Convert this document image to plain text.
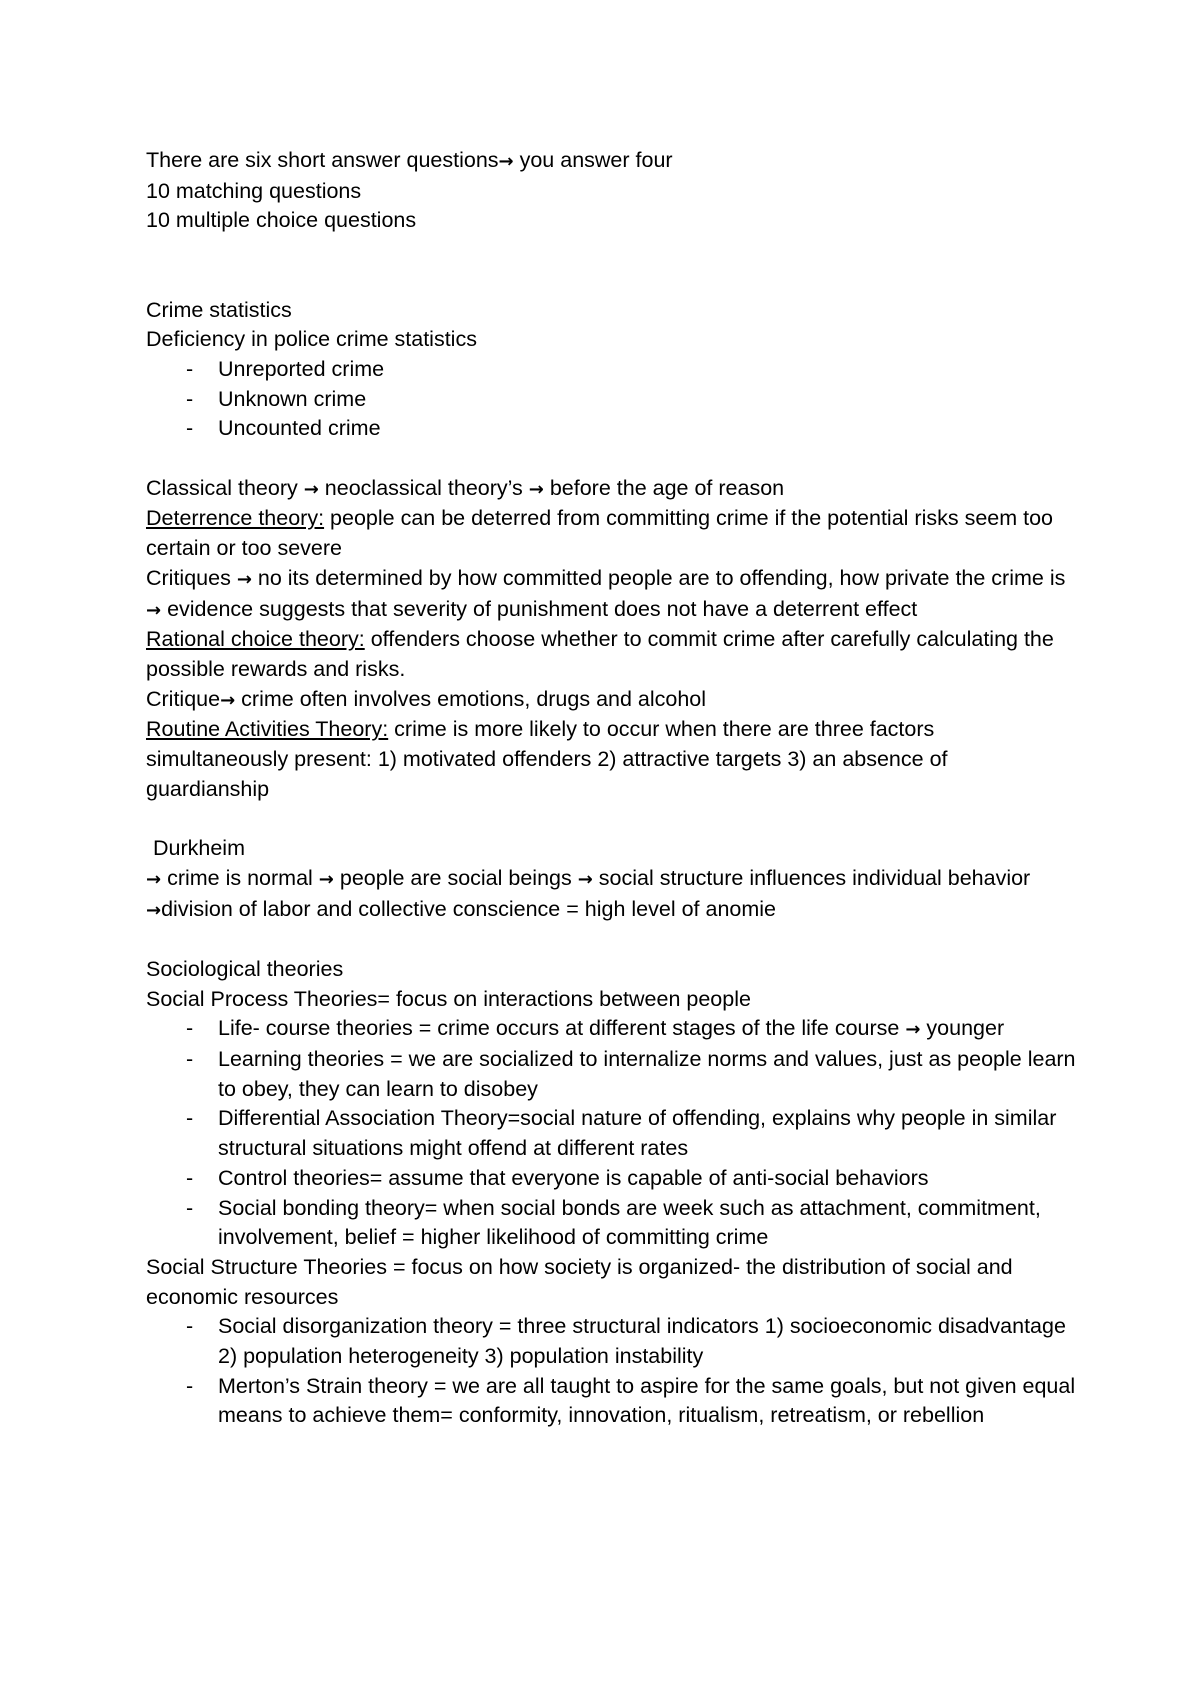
There are six short answer questions→ you answer four
10 matching questions
10 multiple choice questions
Crime statistics
Deficiency in police crime statistics
- Unreported crime
- Unknown crime
- Uncounted crime
Classical theory → neoclassical theory’s → before the age of reason
Deterrence theory: people can be deterred from committing crime if the potential risks seem too certain or too severe
Critiques → no its determined by how committed people are to offending, how private the crime is → evidence suggests that severity of punishment does not have a deterrent effect
Rational choice theory: offenders choose whether to commit crime after carefully calculating the possible rewards and risks.
Critique→ crime often involves emotions, drugs and alcohol
Routine Activities Theory: crime is more likely to occur when there are three factors simultaneously present: 1) motivated offenders 2) attractive targets 3) an absence of guardianship
Durkheim
→ crime is normal → people are social beings → social structure influences individual behavior
→division of labor and collective conscience = high level of anomie
Sociological theories
Social Process Theories= focus on interactions between people
- Life- course theories = crime occurs at different stages of the life course → younger
- Learning theories = we are socialized to internalize norms and values, just as people learn to obey, they can learn to disobey
- Differential Association Theory=social nature of offending, explains why people in similar structural situations might offend at different rates
- Control theories= assume that everyone is capable of anti-social behaviors
- Social bonding theory= when social bonds are week such as attachment, commitment, involvement, belief = higher likelihood of committing crime
Social Structure Theories = focus on how society is organized- the distribution of social and economic resources
- Social disorganization theory = three structural indicators 1) socioeconomic disadvantage 2) population heterogeneity 3) population instability
- Merton’s Strain theory = we are all taught to aspire for the same goals, but not given equal means to achieve them= conformity, innovation, ritualism, retreatism, or rebellion
